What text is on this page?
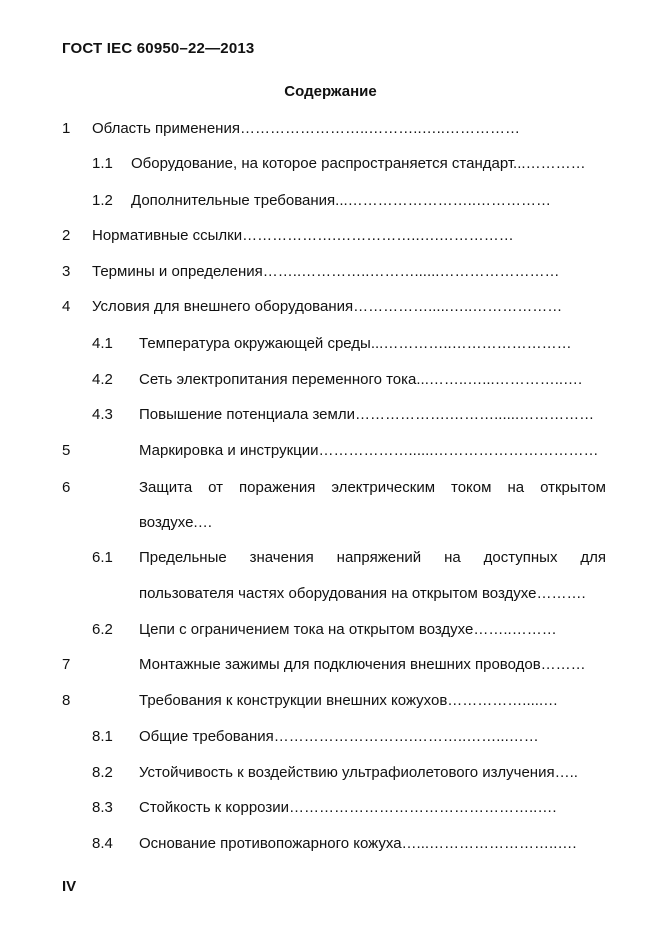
ГОСТ IEC 60950–22—2013
Содержание
1 Область применения……………………..………..…..……………
1.1 Оборудование, на которое распространяется стандарт...…………
1.2 Дополнительные требования...……………………..……………
2 Нормативные ссылки……………….……………..….……………
3 Термины и определения……..…………..………......……………………
4 Условия для внешнего оборудования…………….....…..………………
4.1 Температура окружающей среды...…………..……………………
4.2 Сеть электропитания переменного тока...……..…...…………..….
4.3 Повышение потенциала земли……………….………......……………
5	Маркировка и инструкции………………......……………………………
6	Защита от поражения электрическим током на открытом
воздухе.…
6.1 Предельные значения напряжений на доступных для
пользователя частях оборудования на открытом воздухе……….
6.2 Цепи с ограничением тока на открытом воздухе……..………
7	Монтажные зажимы для подключения внешних проводов………
8	Требования к конструкции внешних кожухов…………….....…
8.1 Общие требования……………………….………..……...……
8.2 Устойчивость к воздействию ультрафиолетового излучения…..
8.3 Стойкость к коррозии…………………………………………..….
8.4 Основание противопожарного кожуха…...……………………..….
IV
